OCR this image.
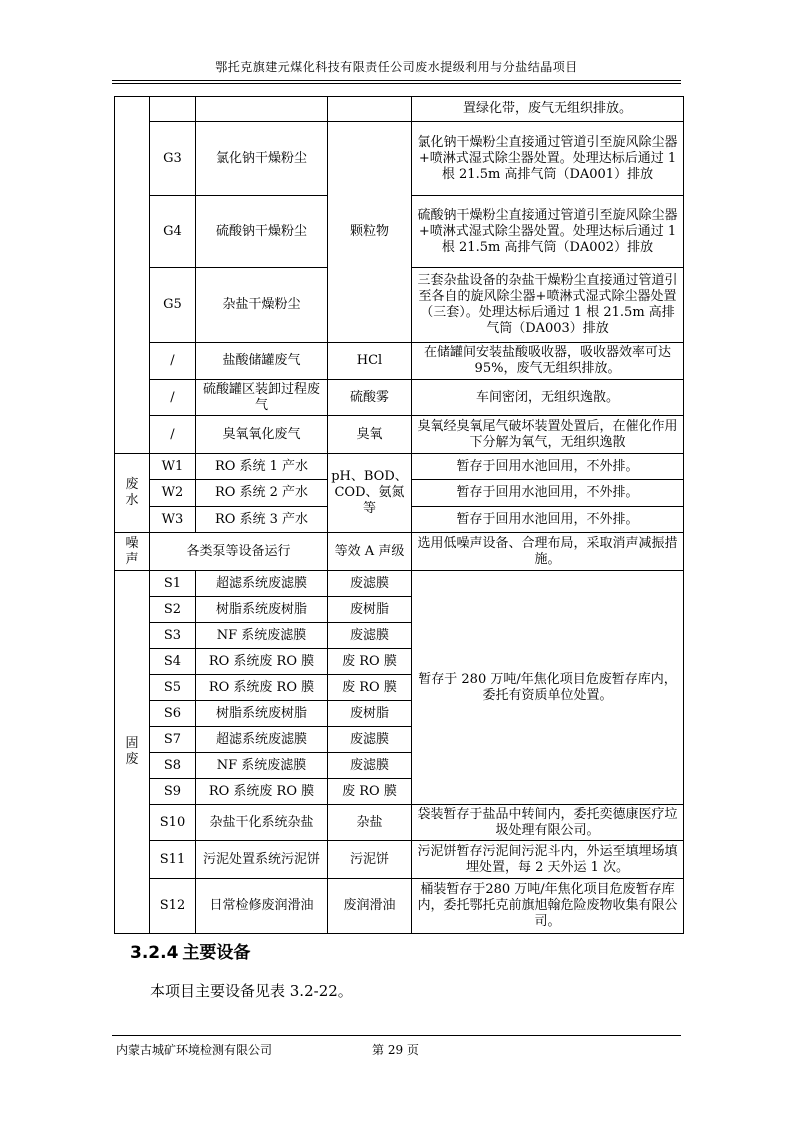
鄂托克旗建元煤化科技有限责任公司废水提级利用与分盐结晶项目
				置绿化带，废气无组织排放。
	G3	氯化钠干燥粉尘	颗粒物	氯化钠干燥粉尘直接通过管道引至旋风除尘器+喷淋式湿式除尘器处置。处理达标后通过 1 根 21.5m 高排气筒（DA001）排放
	G4	硫酸钠干燥粉尘		硫酸钠干燥粉尘直接通过管道引至旋风除尘器+喷淋式湿式除尘器处置。处理达标后通过 1 根 21.5m 高排气筒（DA002）排放
	G5	杂盐干燥粉尘		三套杂盐设备的杂盐干燥粉尘直接通过管道引至各自的旋风除尘器+喷淋式湿式除尘器处置（三套）。处理达标后通过 1 根 21.5m 高排气筒（DA003）排放
	/	盐酸储罐废气	HCl	在储罐间安装盐酸吸收器，吸收器效率可达 95%，废气无组织排放。
	/	硫酸罐区装卸过程废气	硫酸雾	车间密闭，无组织逸散。
	/	臭氧氧化废气	臭氧	臭氧经臭氧尾气破坏装置处置后，在催化作用下分解为氧气，无组织逸散

废
水	W1	RO 系统 1 产水	pH、BOD、COD、氨氮等	暂存于回用水池回用，不外排。
	W2	RO 系统 2 产水		暂存于回用水池回用，不外排。
	W3	RO 系统 3 产水		暂存于回用水池回用，不外排。

噪
声	各类泵等设备运行		等效 A 声级	选用低噪声设备、合理布局，采取消声减振措施。

固
废	S1	超滤系统废滤膜	废滤膜	暂存于 280 万吨/年焦化项目危废暂存库内，委托有资质单位处置。
	S2	树脂系统废树脂	废树脂	
	S3	NF 系统废滤膜	废滤膜	
	S4	RO 系统废 RO 膜	废 RO 膜	
	S5	RO 系统废 RO 膜	废 RO 膜	
	S6	树脂系统废树脂	废树脂	
	S7	超滤系统废滤膜	废滤膜	
	S8	NF 系统废滤膜	废滤膜	
	S9	RO 系统废 RO 膜	废 RO 膜	
	S10	杂盐干化系统杂盐	杂盐	袋装暂存于盐品中转间内，委托奕德康医疗垃圾处理有限公司。
	S11	污泥处置系统污泥饼	污泥饼	污泥饼暂存污泥间污泥斗内，外运至填埋场填埋处置，每 2 天外运 1 次。
	S12	日常检修废润滑油	废润滑油	桶装暂存于280 万吨/年焦化项目危废暂存库内，委托鄂托克前旗旭翰危险废物收集有限公司。
3.2.4 主要设备
本项目主要设备见表 3.2-22。
内蒙古城矿环境检测有限公司	第 29 页
